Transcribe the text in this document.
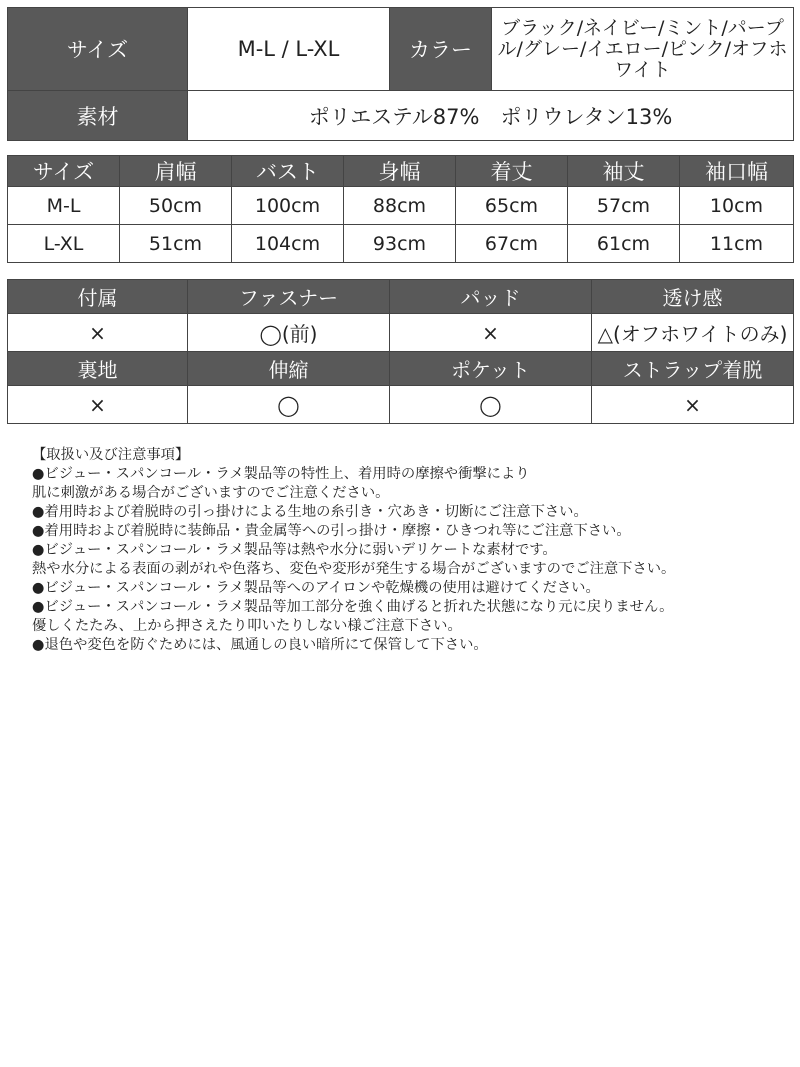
サイズ	M-L / L-XL	カラー	ブラック/ネイビー/ミント/パープル/グレー/イエロー/ピンク/オフホワイト
素材	ポリエステル87%　ポリウレタン13%		
サイズ	肩幅	バスト	身幅	着丈	袖丈	袖口幅
M-L	50cm	100cm	88cm	65cm	57cm	10cm
L-XL	51cm	104cm	93cm	67cm	61cm	11cm
付属	ファスナー	パッド	透け感
×	◯(前)	×	△(オフホワイトのみ)
裏地	伸縮	ポケット	ストラップ着脱
×	◯	◯	×
【取扱い及び注意事項】
●ビジュー・スパンコール・ラメ製品等の特性上、着用時の摩擦や衝撃により
肌に刺激がある場合がございますのでご注意ください。
●着用時および着脱時の引っ掛けによる生地の糸引き・穴あき・切断にご注意下さい。
●着用時および着脱時に装飾品・貴金属等への引っ掛け・摩擦・ひきつれ等にご注意下さい。
●ビジュー・スパンコール・ラメ製品等は熱や水分に弱いデリケートな素材です。
熱や水分による表面の剥がれや色落ち、変色や変形が発生する場合がございますのでご注意下さい。
●ビジュー・スパンコール・ラメ製品等へのアイロンや乾燥機の使用は避けてください。
●ビジュー・スパンコール・ラメ製品等加工部分を強く曲げると折れた状態になり元に戻りません。
優しくたたみ、上から押さえたり叩いたりしない様ご注意下さい。
●退色や変色を防ぐためには、風通しの良い暗所にて保管して下さい。
